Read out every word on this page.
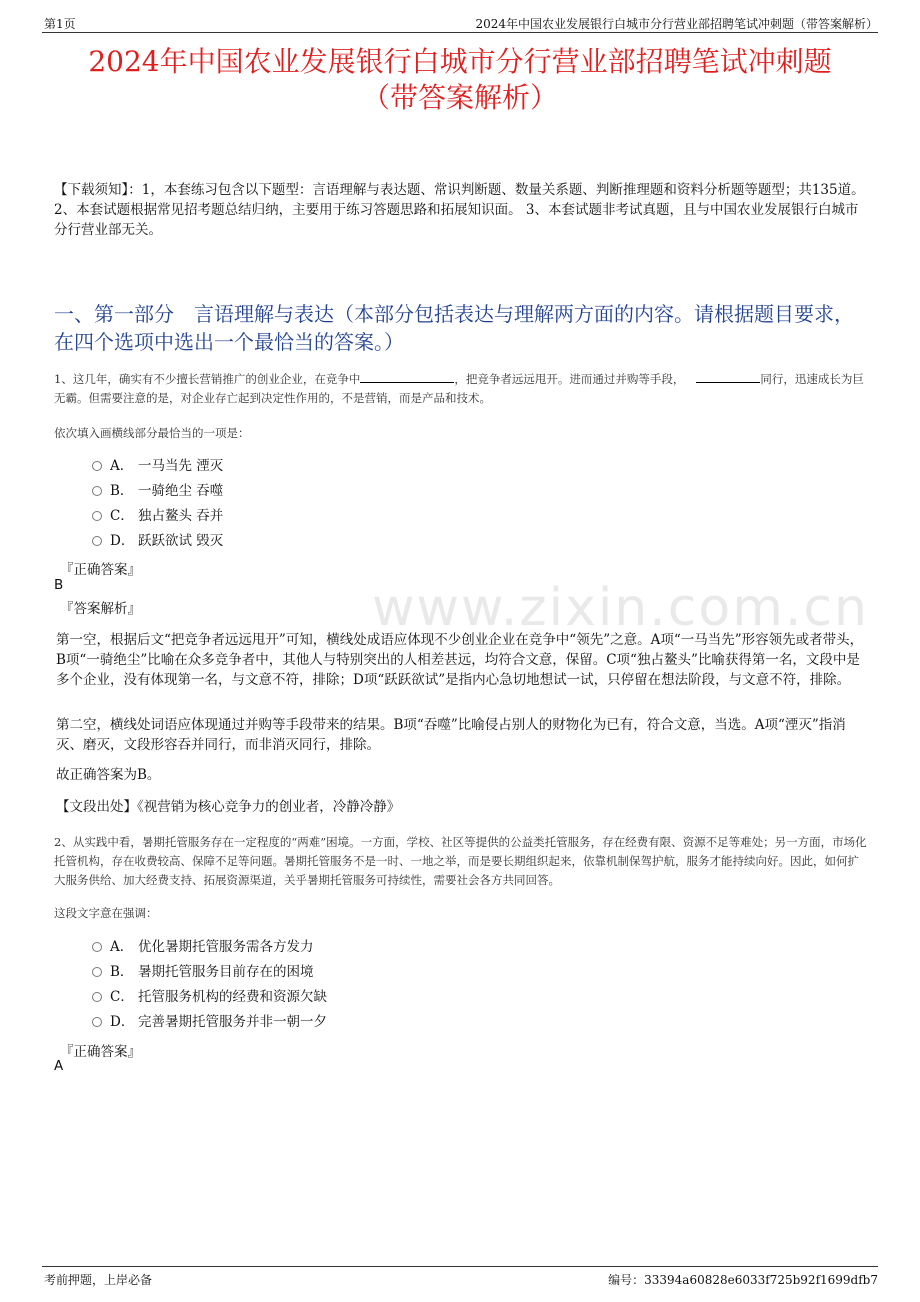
第1页	2024年中国农业发展银行白城市分行营业部招聘笔试冲刺题（带答案解析）
2024年中国农业发展银行白城市分行营业部招聘笔试冲刺题
（带答案解析）
【下载须知】：1，本套练习包含以下题型：言语理解与表达题、常识判断题、数量关系题、判断推理题和资料分析题等题型；共135道。 2、本套试题根据常见招考题总结归纳，主要用于练习答题思路和拓展知识面。 3、本套试题非考试真题，且与中国农业发展银行白城市分行营业部无关。
www.zixin.com.cn
一、第一部分　言语理解与表达（本部分包括表达与理解两方面的内容。请根据题目要求，在四个选项中选出一个最恰当的答案。）
1、这几年，确实有不少擅长营销推广的创业企业，在竞争中	，把竞争者远远甩开。进而通过并购等手段，	同行，迅速成长为巨无霸。但需要注意的是，对企业存亡起到决定性作用的，不是营销，而是产品和技术。
依次填入画横线部分最恰当的一项是：
A． 一马当先 湮灭
B． 一骑绝尘 吞噬
C． 独占鳌头 吞并
D． 跃跃欲试 毁灭
『正确答案』
B
『答案解析』
第一空，根据后文“把竞争者远远甩开”可知，横线处成语应体现不少创业企业在竞争中“领先”之意。A项“一马当先”形容领先或者带头，B项“一骑绝尘”比喻在众多竞争者中，其他人与特别突出的人相差甚远，均符合文意，保留。C项“独占鳌头”比喻获得第一名，文段中是多个企业，没有体现第一名，与文意不符，排除；D项“跃跃欲试”是指内心急切地想试一试，只停留在想法阶段，与文意不符，排除。
第二空，横线处词语应体现通过并购等手段带来的结果。B项“吞噬”比喻侵占别人的财物化为已有，符合文意，当选。A项“湮灭”指消灭、磨灭，文段形容吞并同行，而非消灭同行，排除。
故正确答案为B。
【文段出处】《视营销为核心竞争力的创业者，冷静冷静》
2、从实践中看，暑期托管服务存在一定程度的“两难”困境。一方面，学校、社区等提供的公益类托管服务，存在经费有限、资源不足等难处；另一方面，市场化托管机构，存在收费较高、保障不足等问题。暑期托管服务不是一时、一地之举，而是要长期组织起来，依靠机制保驾护航，服务才能持续向好。因此，如何扩大服务供给、加大经费支持、拓展资源渠道，关乎暑期托管服务可持续性，需要社会各方共同回答。
这段文字意在强调：
A． 优化暑期托管服务需各方发力
B． 暑期托管服务目前存在的困境
C． 托管服务机构的经费和资源欠缺
D． 完善暑期托管服务并非一朝一夕
『正确答案』
A
考前押题，上岸必备	编号：33394a60828e6033f725b92f1699dfb7
